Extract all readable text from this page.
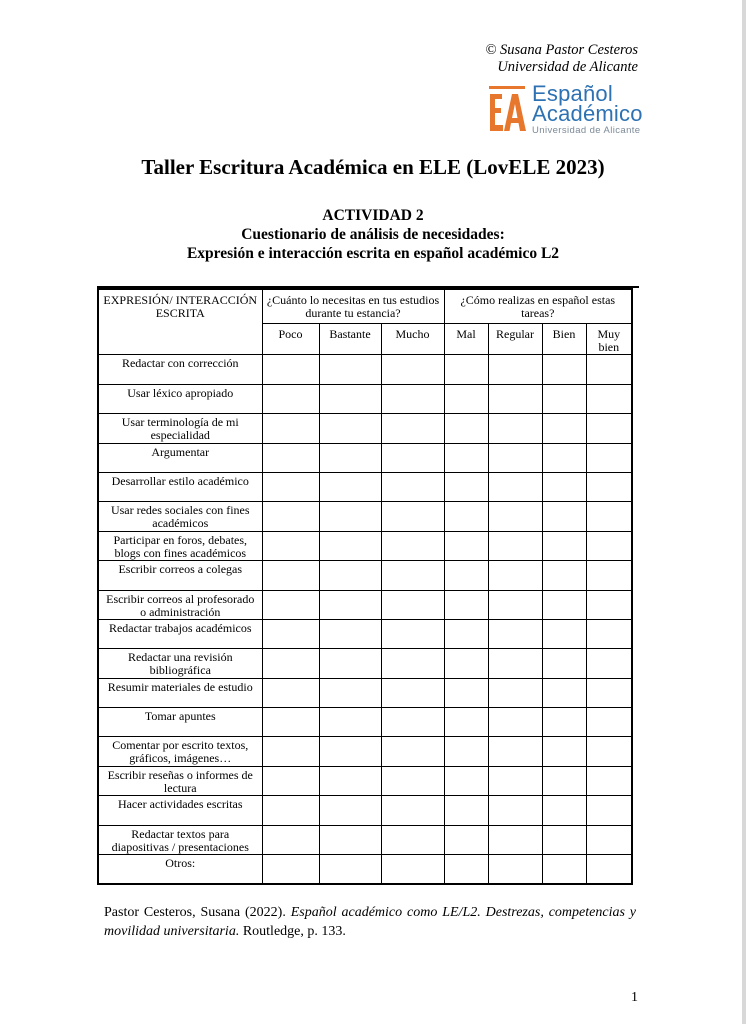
© Susana Pastor Cesteros
Universidad de Alicante
Español
Académico
Universidad de Alicante
Taller Escritura Académica en ELE (LovELE 2023)
ACTIVIDAD 2
Cuestionario de análisis de necesidades:
Expresión e interacción escrita en español académico L2
EXPRESIÓN/ INTERACCIÓN ESCRITA	¿Cuánto lo necesitas en tus estudios durante tu estancia?			¿Cómo realizas en español estas tareas?			
	Poco	Bastante	Mucho	Mal	Regular	Bien	Muy bien
Redactar con corrección							
Usar léxico apropiado							
Usar terminología de mi especialidad							
Argumentar							
Desarrollar estilo académico							
Usar redes sociales con fines académicos							
Participar en foros, debates, blogs con fines académicos							
Escribir correos a colegas							
Escribir correos al profesorado o administración							
Redactar trabajos académicos							
Redactar una revisión bibliográfica							
Resumir materiales de estudio							
Tomar apuntes							
Comentar por escrito textos, gráficos, imágenes…							
Escribir reseñas o informes de lectura							
Hacer actividades escritas							
Redactar textos para diapositivas / presentaciones							
Otros:							
Pastor Cesteros, Susana (2022). Español académico como LE/L2. Destrezas, competencias y movilidad universitaria. Routledge, p. 133.
1
